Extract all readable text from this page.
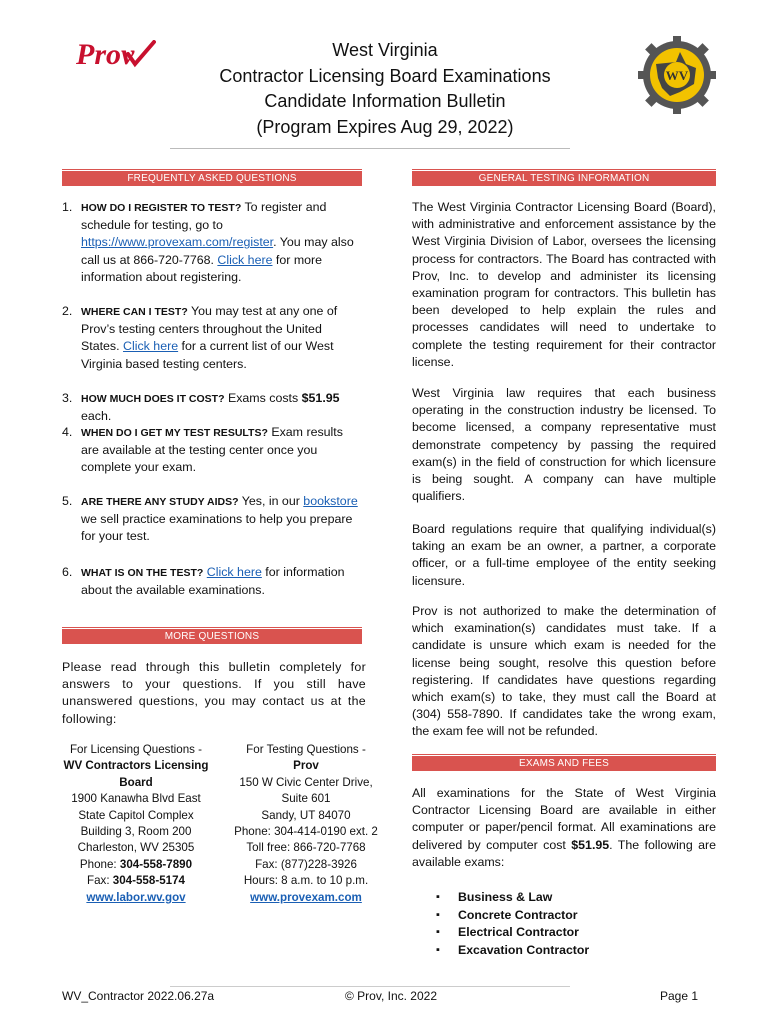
Prov
WV
West Virginia
Contractor Licensing Board Examinations
Candidate Information Bulletin
(Program Expires Aug 29, 2022)
FREQUENTLY ASKED QUESTIONS	GENERAL TESTING INFORMATION
MORE QUESTIONS
EXAMS AND FEES
1. HOW DO I REGISTER TO TEST? To register and schedule for testing, go to https://www.provexam.com/register. You may also call us at 866-720-7768. Click here for more information about registering.
2. WHERE CAN I TEST? You may test at any one of Prov’s testing centers throughout the United States. Click here for a current list of our West Virginia based testing centers.
3. HOW MUCH DOES IT COST? Exams costs $51.95 each.
4. WHEN DO I GET MY TEST RESULTS? Exam results are available at the testing center once you complete your exam.
5. ARE THERE ANY STUDY AIDS? Yes, in our bookstore we sell practice examinations to help you prepare for your test.
6. WHAT IS ON THE TEST? Click here for information about the available examinations.
Please read through this bulletin completely for answers to your questions. If you still have unanswered questions, you may contact us at the following:
For Licensing Questions -
WV Contractors Licensing Board
1900 Kanawha Blvd East
State Capitol Complex
Building 3, Room 200
Charleston, WV 25305
Phone: 304-558-7890
Fax: 304-558-5174
www.labor.wv.gov
For Testing Questions -
Prov
150 W Civic Center Drive, Suite 601
Sandy, UT 84070
Phone: 304-414-0190 ext. 2
Toll free: 866-720-7768
Fax: (877)228-3926
Hours: 8 a.m. to 10 p.m.
www.provexam.com
The West Virginia Contractor Licensing Board (Board), with administrative and enforcement assistance by the West Virginia Division of Labor, oversees the licensing process for contractors. The Board has contracted with Prov, Inc. to develop and administer its licensing examination program for contractors. This bulletin has been developed to help explain the rules and processes candidates will need to undertake to complete the testing requirement for their contractor license.
West Virginia law requires that each business operating in the construction industry be licensed. To become licensed, a company representative must demonstrate competency by passing the required exam(s) in the field of construction for which licensure is being sought. A company can have multiple qualifiers.
Board regulations require that qualifying individual(s) taking an exam be an owner, a partner, a corporate officer, or a full-time employee of the entity seeking licensure.
Prov is not authorized to make the determination of which examination(s) candidates must take. If a candidate is unsure which exam is needed for the license being sought, resolve this question before registering. If candidates have questions regarding which exam(s) to take, they must call the Board at (304) 558-7890. If candidates take the wrong exam, the exam fee will not be refunded.
All examinations for the State of West Virginia Contractor Licensing Board are available in either computer or paper/pencil format. All examinations are delivered by computer cost $51.95. The following are available exams:
▪ Business & Law
▪ Concrete Contractor
▪ Electrical Contractor
▪ Excavation Contractor
WV_Contractor 2022.06.27a	© Prov, Inc. 2022	Page 1
